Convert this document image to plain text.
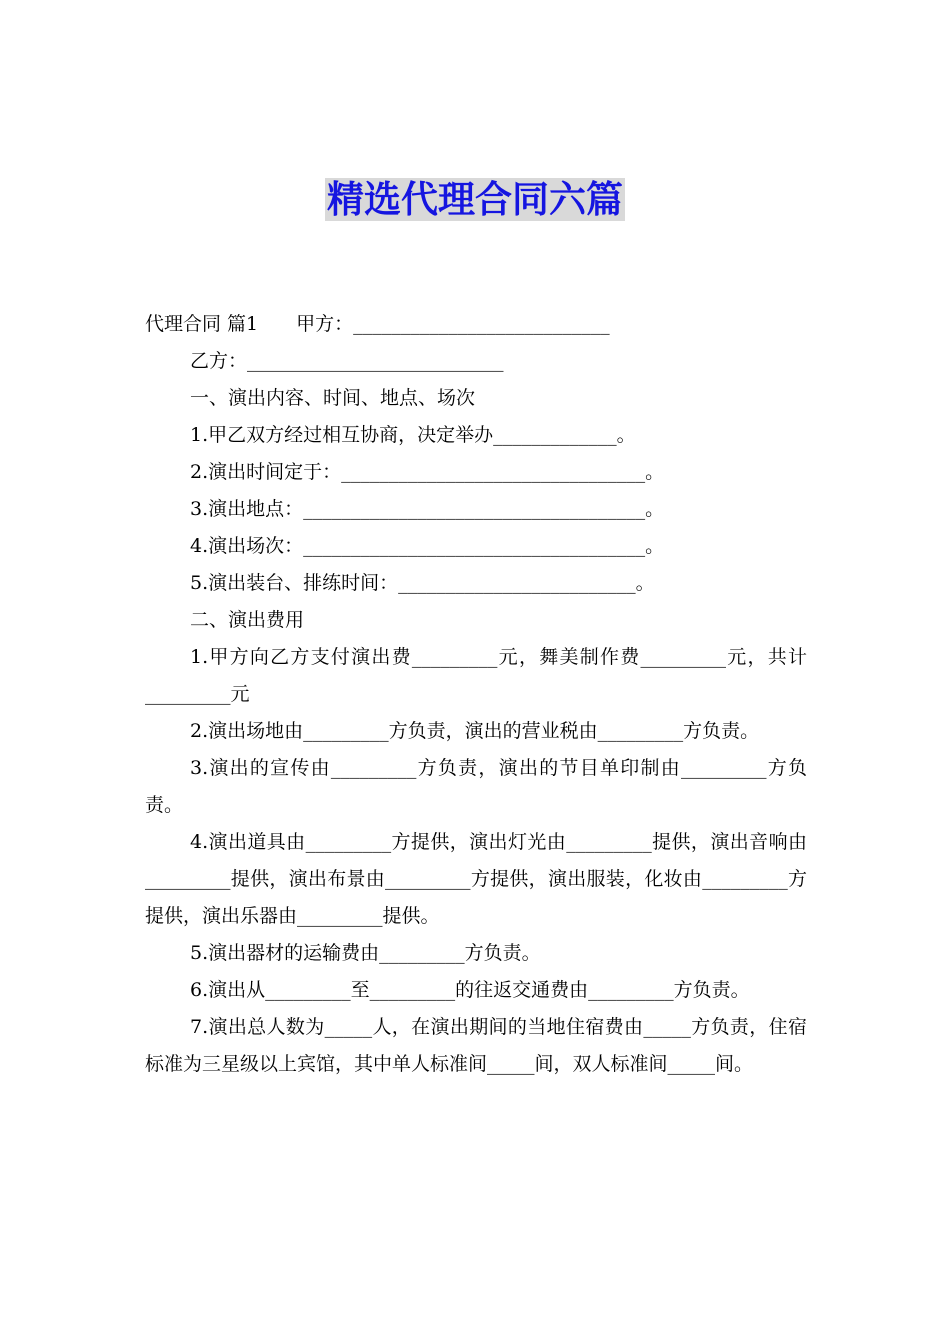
精选代理合同六篇

代理合同 篇1　　甲方：___________________________

乙方：___________________________

一、演出内容、时间、地点、场次

1.甲乙双方经过相互协商，决定举办_____________。

2.演出时间定于：________________________________。

3.演出地点：____________________________________。

4.演出场次：____________________________________。

5.演出装台、排练时间：_________________________。

二、演出费用

1.甲方向乙方支付演出费_________元，舞美制作费_________元，共计_________元

2.演出场地由_________方负责，演出的营业税由_________方负责。

3.演出的宣传由_________方负责，演出的节目单印制由_________方负责。

4.演出道具由_________方提供，演出灯光由_________提供，演出音响由_________提供，演出布景由_________方提供，演出服装，化妆由_________方提供，演出乐器由_________提供。

5.演出器材的运输费由_________方负责。

6.演出从_________至_________的往返交通费由_________方负责。

7.演出总人数为_____人，在演出期间的当地住宿费由_____方负责，住宿标准为三星级以上宾馆，其中单人标准间_____间，双人标准间_____间。
